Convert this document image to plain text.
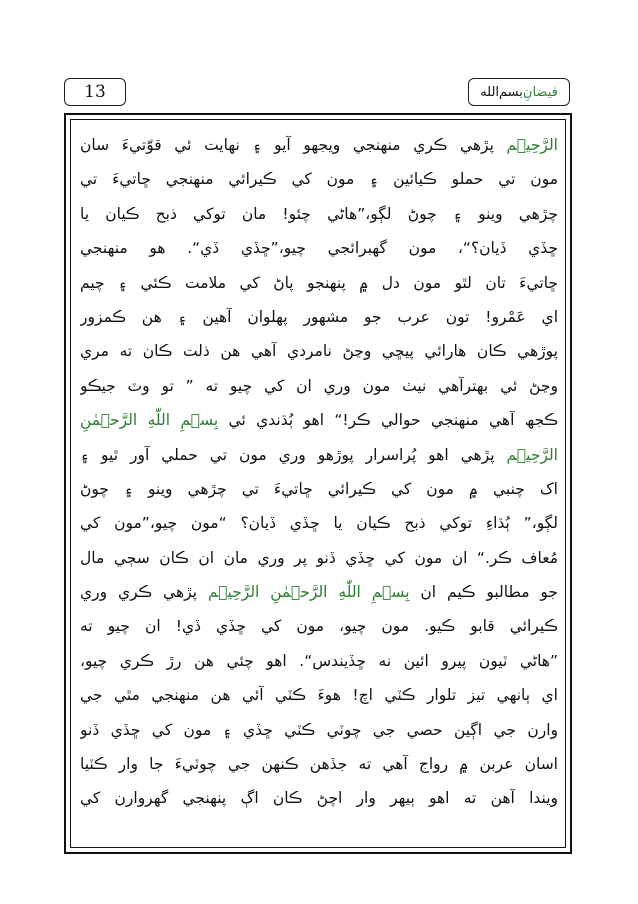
13	فيضانِ
بسم‌الله
الرَّحِيۡم پڙهي ڪري منهنجي ويجهو آيو ۽ نهايت ئي قوّتيءَ سان
مون تي حملو ڪيائين ۽ مون کي ڪيرائي منهنجي ڇاتيءَ تي
چڙهي وينو ۽ چوڻ لڳو،”هاڻي چئو! مان توکي ذبح ڪيان يا
ڇڏي ڏيان؟“، مون گهبرائجي چيو،”ڇڏي ڏي“. هو منهنجي
ڇاتيءَ تان لٿو مون دل ۾ پنهنجو پاڻ کي ملامت ڪئي ۽ چيم
اي عَمْرو! تون عرب جو مشهور پهلوان آهين ۽ هن ڪمزور
پوڙهي ڪان هارائي پيڇي وڃڻ نامردي آهي هن ذلت ڪان ته مري
وڃڻ ئي بهترآهي نيٺ مون وري ان کي چيو ته ” تو وٽ جيڪو
ڪجھ آهي منهنجي حوالي ڪر!“ اهو ٻُڌندي ئي بِسۡمِ اللّٰهِ الرَّحۡمٰنِ
الرَّحِيۡم پڙهي اهو پُراسرار پوڙهو وري مون تي حملي آور ٿيو ۽
اک چنبي ۾ مون کي ڪيرائي ڇاتيءَ تي چڙهي وينو ۽ چوڻ
لڳو،” ٻُڌاءِ توکي ذبح ڪيان يا ڇڏي ڏيان؟ “مون چيو،”مون کي
مُعاف ڪر.“ ان مون کي ڇڏي ڏنو پر وري مان ان ڪان سڄي مال
جو مطالبو ڪيم ان بِسۡمِ اللّٰهِ الرَّحۡمٰنِ الرَّحِيۡم پڙهي ڪري وري
ڪيرائي قابو ڪيو. مون چيو، مون کي ڇڏي ڏي! ان چيو ته
”هاڻي ٽيون پيرو ائين نه ڇڏيندس“. اهو چئي هن رڙ ڪري چيو،
اي ٻانهي تيز تلوار ڪٽي اچ! هوءَ ڪٽي آئي هن منهنجي مٿي جي
وارن جي اڳين حصي جي چوٽي ڪٽي ڇڏي ۽ مون کي ڇڏي ڏنو
اسان عربن ۾ رواج آهي ته جڏهن ڪنهن جي چوٽيءَ جا وار ڪٽيا
ويندا آهن ته اهو ٻيهر وار اچڻ ڪان اڳ پنهنجي گهروارن کي
